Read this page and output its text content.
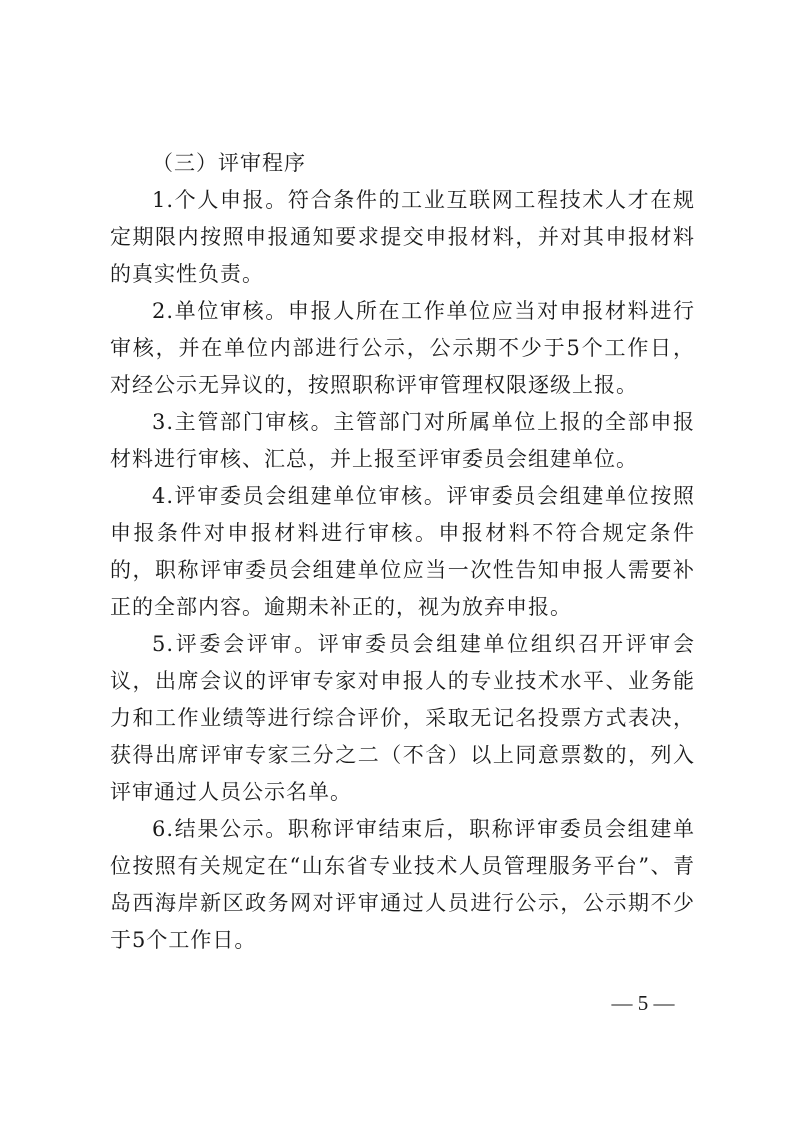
（三）评审程序

1.个人申报。符合条件的工业互联网工程技术人才在规定期限内按照申报通知要求提交申报材料，并对其申报材料的真实性负责。

2.单位审核。申报人所在工作单位应当对申报材料进行审核，并在单位内部进行公示，公示期不少于5个工作日，对经公示无异议的，按照职称评审管理权限逐级上报。

3.主管部门审核。主管部门对所属单位上报的全部申报材料进行审核、汇总，并上报至评审委员会组建单位。

4.评审委员会组建单位审核。评审委员会组建单位按照申报条件对申报材料进行审核。申报材料不符合规定条件的，职称评审委员会组建单位应当一次性告知申报人需要补正的全部内容。逾期未补正的，视为放弃申报。

5.评委会评审。评审委员会组建单位组织召开评审会议，出席会议的评审专家对申报人的专业技术水平、业务能力和工作业绩等进行综合评价，采取无记名投票方式表决，获得出席评审专家三分之二（不含）以上同意票数的，列入评审通过人员公示名单。

6.结果公示。职称评审结束后，职称评审委员会组建单位按照有关规定在“山东省专业技术人员管理服务平台”、青岛西海岸新区政务网对评审通过人员进行公示，公示期不少于5个工作日。

— 5 —
